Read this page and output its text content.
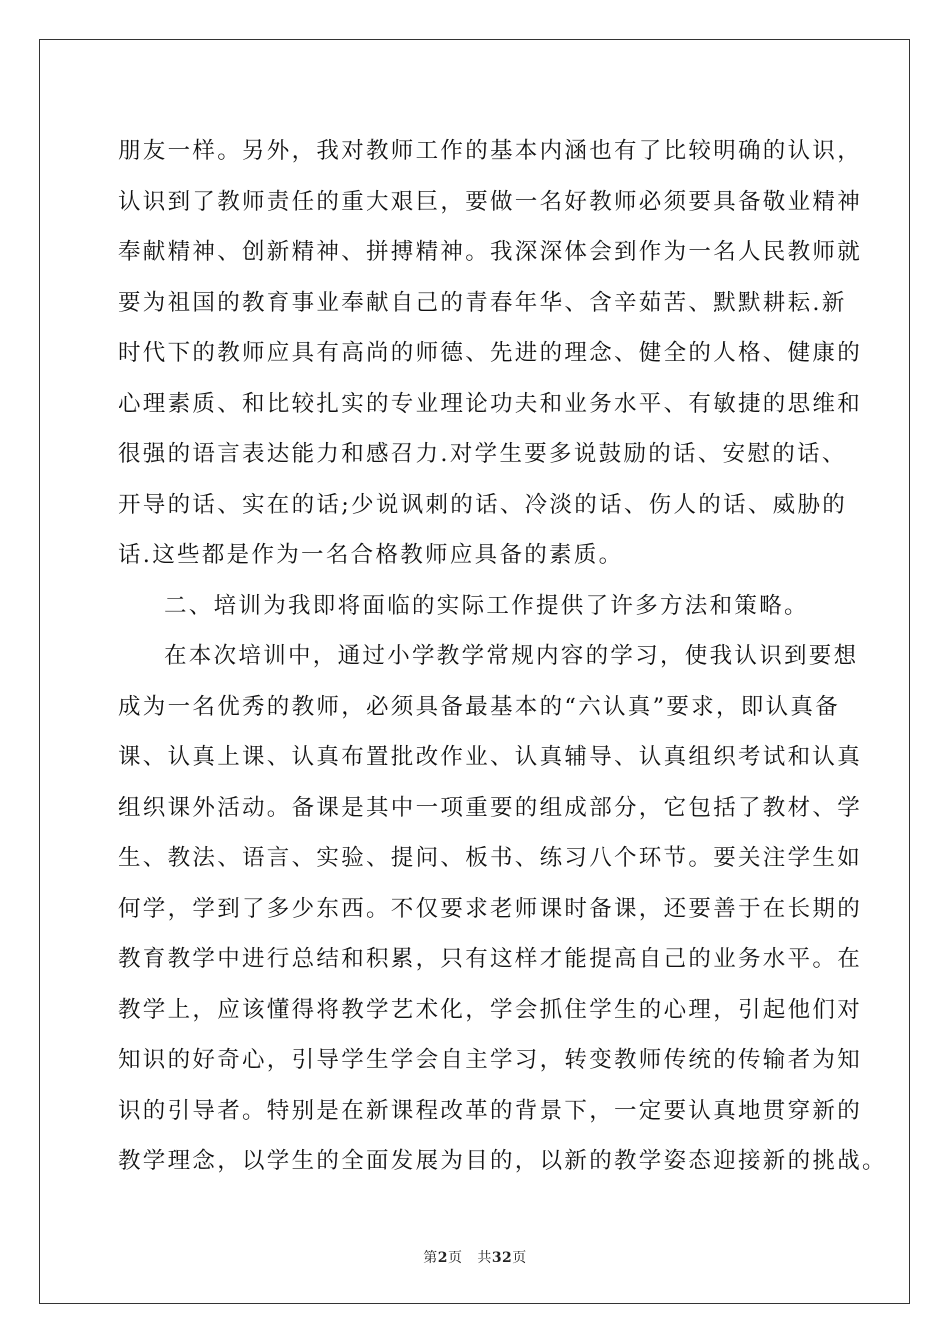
朋友一样。另外，我对教师工作的基本内涵也有了比较明确的认识，
认识到了教师责任的重大艰巨，要做一名好教师必须要具备敬业精神
奉献精神、创新精神、拼搏精神。我深深体会到作为一名人民教师就
要为祖国的教育事业奉献自己的青春年华、含辛茹苦、默默耕耘.新
时代下的教师应具有高尚的师德、先进的理念、健全的人格、健康的
心理素质、和比较扎实的专业理论功夫和业务水平、有敏捷的思维和
很强的语言表达能力和感召力.对学生要多说鼓励的话、安慰的话、
开导的话、实在的话;少说讽刺的话、冷淡的话、伤人的话、威胁的
话.这些都是作为一名合格教师应具备的素质。
二、培训为我即将面临的实际工作提供了许多方法和策略。
在本次培训中，通过小学教学常规内容的学习，使我认识到要想
成为一名优秀的教师，必须具备最基本的“六认真”要求，即认真备
课、认真上课、认真布置批改作业、认真辅导、认真组织考试和认真
组织课外活动。备课是其中一项重要的组成部分，它包括了教材、学
生、教法、语言、实验、提问、板书、练习八个环节。要关注学生如
何学，学到了多少东西。不仅要求老师课时备课，还要善于在长期的
教育教学中进行总结和积累，只有这样才能提高自己的业务水平。在
教学上，应该懂得将教学艺术化，学会抓住学生的心理，引起他们对
知识的好奇心，引导学生学会自主学习，转变教师传统的传输者为知
识的引导者。特别是在新课程改革的背景下，一定要认真地贯穿新的
教学理念，以学生的全面发展为目的，以新的教学姿态迎接新的挑战。
第2页 共32页
